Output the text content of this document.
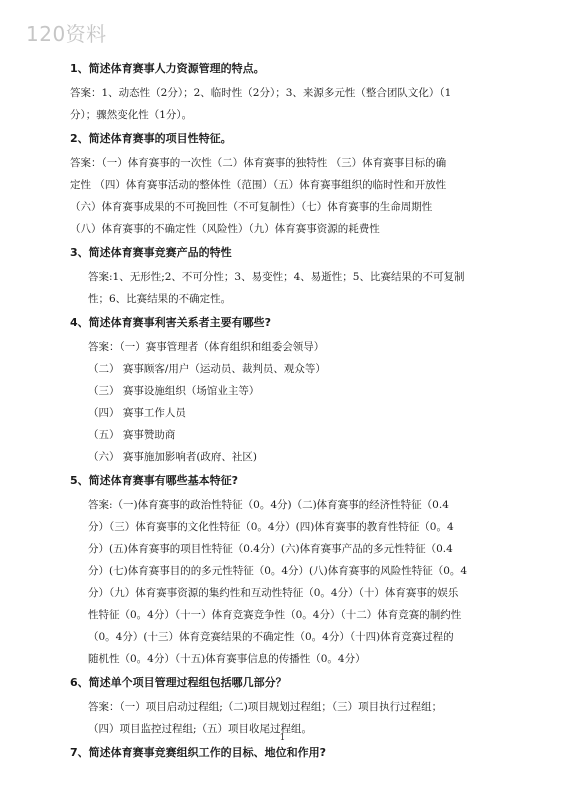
120资料
1、简述体育赛事人力资源管理的特点。
答案：1、动态性（2分）；2、临时性（2分）；3、来源多元性（整合团队文化）（1
分）；骤然变化性（1分）。
2、简述体育赛事的项目性特征。
答案：（一）体育赛事的一次性（二）体育赛事的独特性 （三）体育赛事目标的确
定性 （四）体育赛事活动的整体性（范围）（五）体育赛事组织的临时性和开放性
（六）体育赛事成果的不可挽回性（不可复制性）（七）体育赛事的生命周期性
（八）体育赛事的不确定性（风险性）（九）体育赛事资源的耗费性
3、简述体育赛事竞赛产品的特性
答案:1、无形性;2、不可分性；3、易变性；4、易逝性；5、比赛结果的不可复制
性；6、比赛结果的不确定性。
4、简述体育赛事利害关系者主要有哪些?
答案：（一）赛事管理者（体育组织和组委会领导）
（二） 赛事顾客/用户（运动员、裁判员、观众等）
（三） 赛事设施组织（场馆业主等）
（四） 赛事工作人员
（五） 赛事赞助商
（六） 赛事施加影响者(政府、社区)
5、简述体育赛事有哪些基本特征?
答案:（一)体育赛事的政治性特征（0。4分)（二)体育赛事的经济性特征（0.4
分）（三）体育赛事的文化性特征（0。4分）(四)体育赛事的教育性特征（0。4
分）(五)体育赛事的项目性特征（0.4分）(六)体育赛事产品的多元性特征（0.4
分）(七)体育赛事目的的多元性特征（0。4分）(八)体育赛事的风险性特征（0。4
分）（九）体育赛事资源的集约性和互动性特征（0。4分）（十）体育赛事的娱乐
性特征（0。4分）（十一）体育竞赛竞争性（0。4分）（十二）体育竞赛的制约性
（0。4分）(十三）体育竞赛结果的不确定性（0。4分）（十四)体育竞赛过程的
随机性（0。4分）（十五)体育赛事信息的传播性（0。4分）
6、简述单个项目管理过程组包括哪几部分？
答案：（一）项目启动过程组;（二)项目规划过程组；（三）项目执行过程组；
（四）项目监控过程组;（五）项目收尾过程组。
7、简述体育赛事竞赛组织工作的目标、地位和作用?
1
